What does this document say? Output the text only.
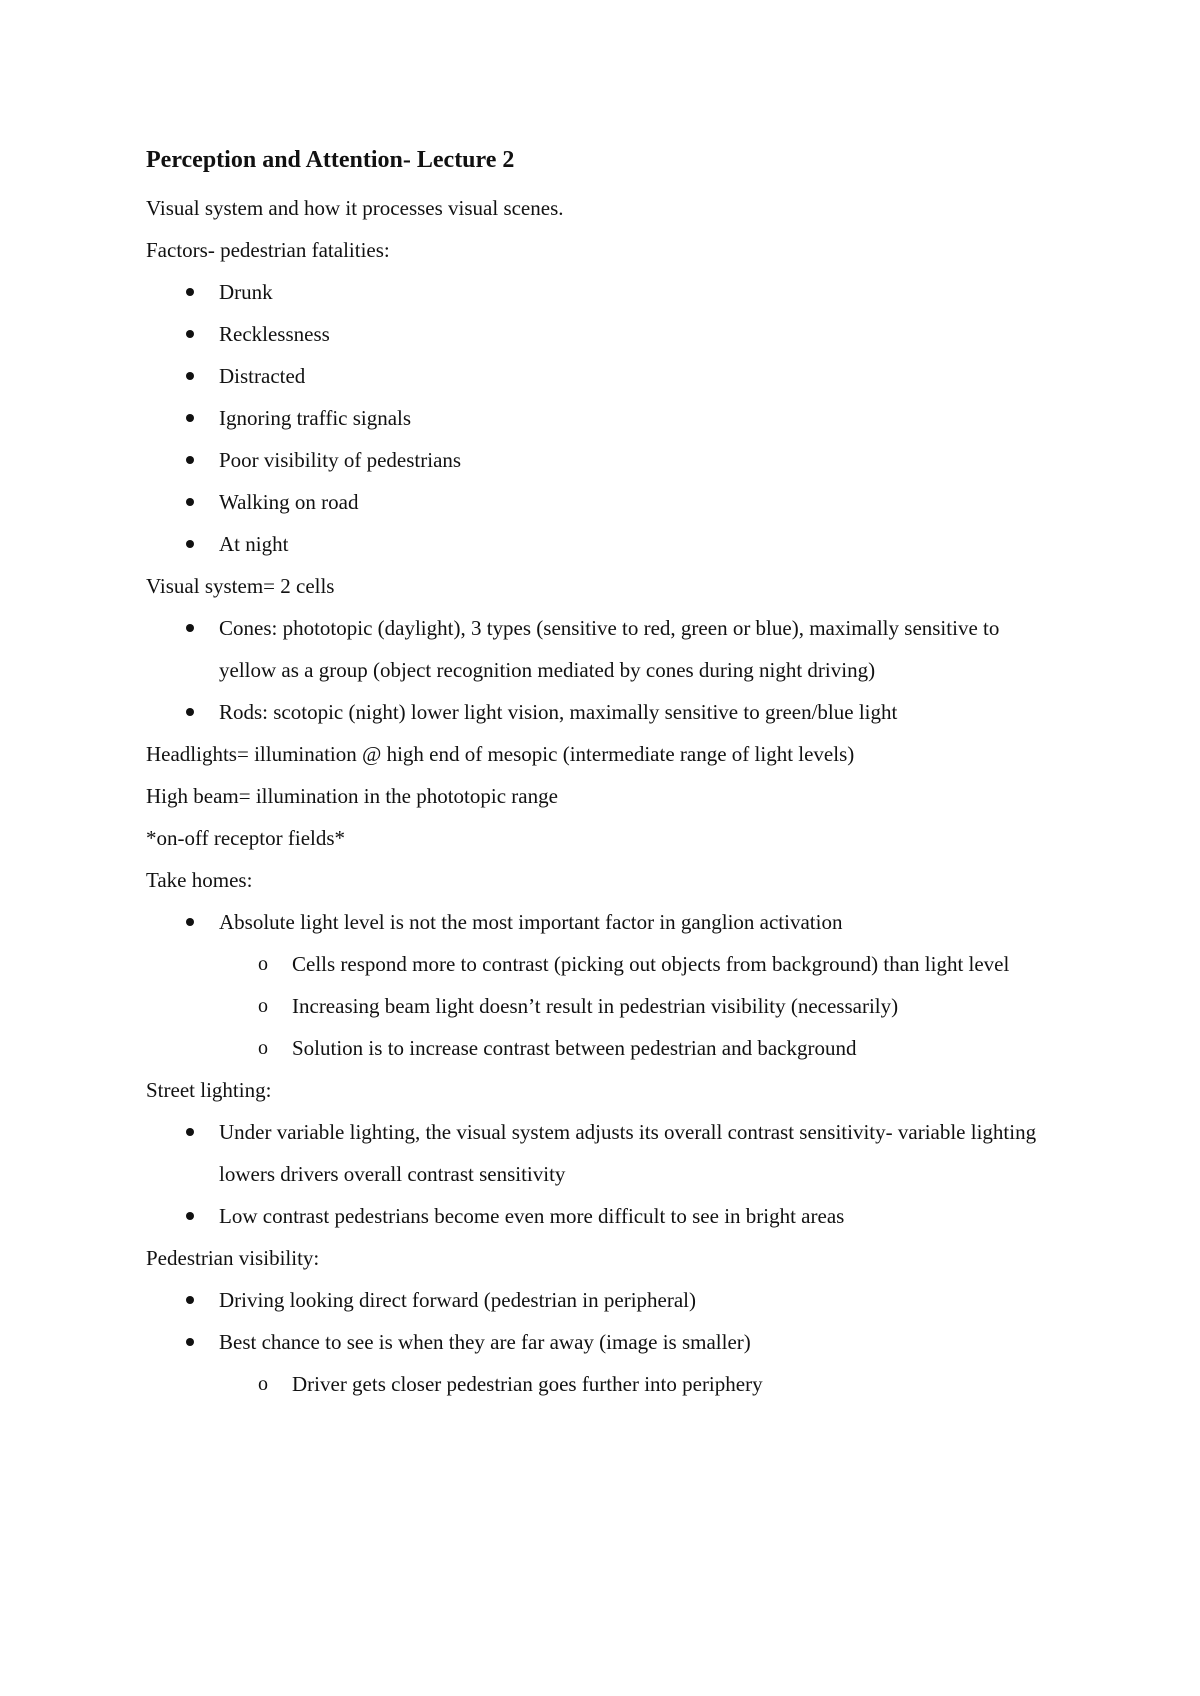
Perception and Attention- Lecture 2

Visual system and how it processes visual scenes.

Factors- pedestrian fatalities:

Drunk
Recklessness
Distracted
Ignoring traffic signals
Poor visibility of pedestrians
Walking on road
At night

Visual system= 2 cells

Cones: phototopic (daylight), 3 types (sensitive to red, green or blue), maximally sensitive to yellow as a group (object recognition mediated by cones during night driving)
Rods: scotopic (night) lower light vision, maximally sensitive to green/blue light

Headlights= illumination @ high end of mesopic (intermediate range of light levels)

High beam= illumination in the phototopic range

*on-off receptor fields*

Take homes:

Absolute light level is not the most important factor in ganglion activation
o Cells respond more to contrast (picking out objects from background) than light level
o Increasing beam light doesn’t result in pedestrian visibility (necessarily)
o Solution is to increase contrast between pedestrian and background

Street lighting:

Under variable lighting, the visual system adjusts its overall contrast sensitivity- variable lighting lowers drivers overall contrast sensitivity
Low contrast pedestrians become even more difficult to see in bright areas

Pedestrian visibility:

Driving looking direct forward (pedestrian in peripheral)
Best chance to see is when they are far away (image is smaller)
o Driver gets closer pedestrian goes further into periphery
